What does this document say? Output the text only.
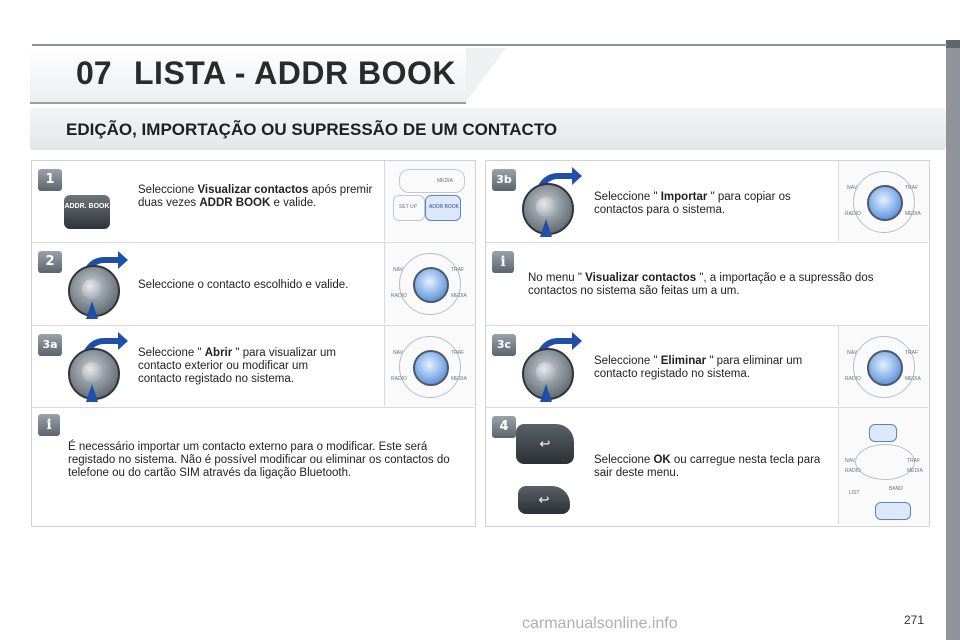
07 LISTA - ADDR BOOK
EDIÇÃO, IMPORTAÇÃO OU SUPRESSÃO DE UM CONTACTO
1
ADDR. BOOK
Seleccione Visualizar contactos após premir duas vezes ADDR BOOK e valide.
MEDIA
SET UP ADDR BOOK
2
Seleccione o contacto escolhido e valide.
NAV	TRAF
RADIO	MEDIA
3a
Seleccione " Abrir " para visualizar um contacto exterior ou modificar um contacto registado no sistema.
NAV	TRAF
RADIO	MEDIA
i
É necessário importar um contacto externo para o modificar. Este será registado no sistema. Não é possível modificar ou eliminar os contactos do telefone ou do cartão SIM através da ligação Bluetooth.
3b
Seleccione " Importar " para copiar os contactos para o sistema.
NAV	TRAF
RADIO	MEDIA
i
No menu " Visualizar contactos ", a importação e a supressão dos contactos no sistema são feitas um a um.
3c
Seleccione " Eliminar " para eliminar um contacto registado no sistema.
NAV	TRAF
RADIO	MEDIA
4
↩
↩
Seleccione OK ou carregue nesta tecla para sair deste menu.
NAV	TRAF
RADIO	MEDIA
LIST
BAND
carmanualsonline.info	271
